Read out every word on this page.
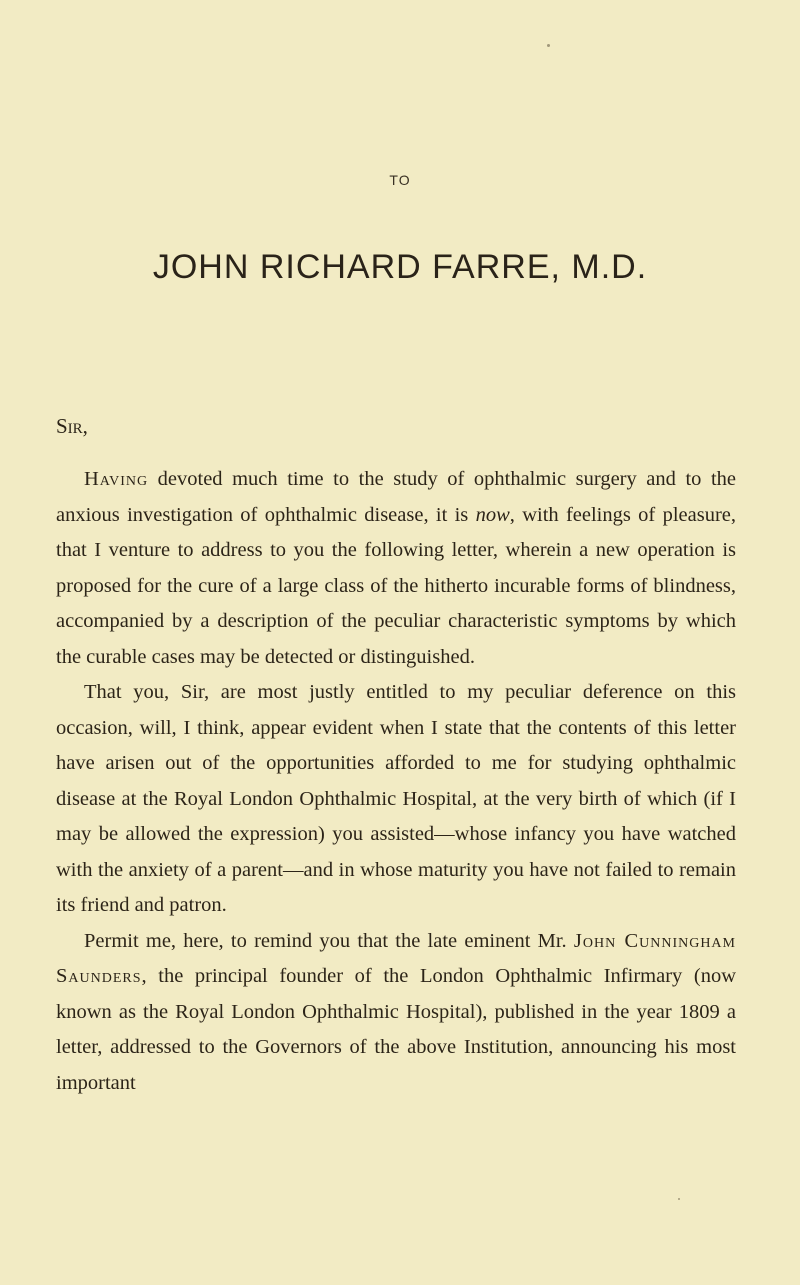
TO
JOHN RICHARD FARRE, M.D.
Sir,

Having devoted much time to the study of ophthalmic surgery and to the anxious investigation of ophthalmic disease, it is now, with feelings of pleasure, that I venture to address to you the following letter, wherein a new operation is proposed for the cure of a large class of the hitherto incurable forms of blindness, accompanied by a description of the peculiar characteristic symptoms by which the curable cases may be detected or distinguished.

That you, Sir, are most justly entitled to my peculiar deference on this occasion, will, I think, appear evident when I state that the contents of this letter have arisen out of the opportunities afforded to me for studying ophthalmic disease at the Royal London Ophthalmic Hospital, at the very birth of which (if I may be allowed the expression) you assisted—whose infancy you have watched with the anxiety of a parent—and in whose maturity you have not failed to remain its friend and patron.

Permit me, here, to remind you that the late eminent Mr. John Cunningham Saunders, the principal founder of the London Ophthalmic Infirmary (now known as the Royal London Ophthalmic Hospital), published in the year 1809 a letter, addressed to the Governors of the above Institution, announcing his most important
